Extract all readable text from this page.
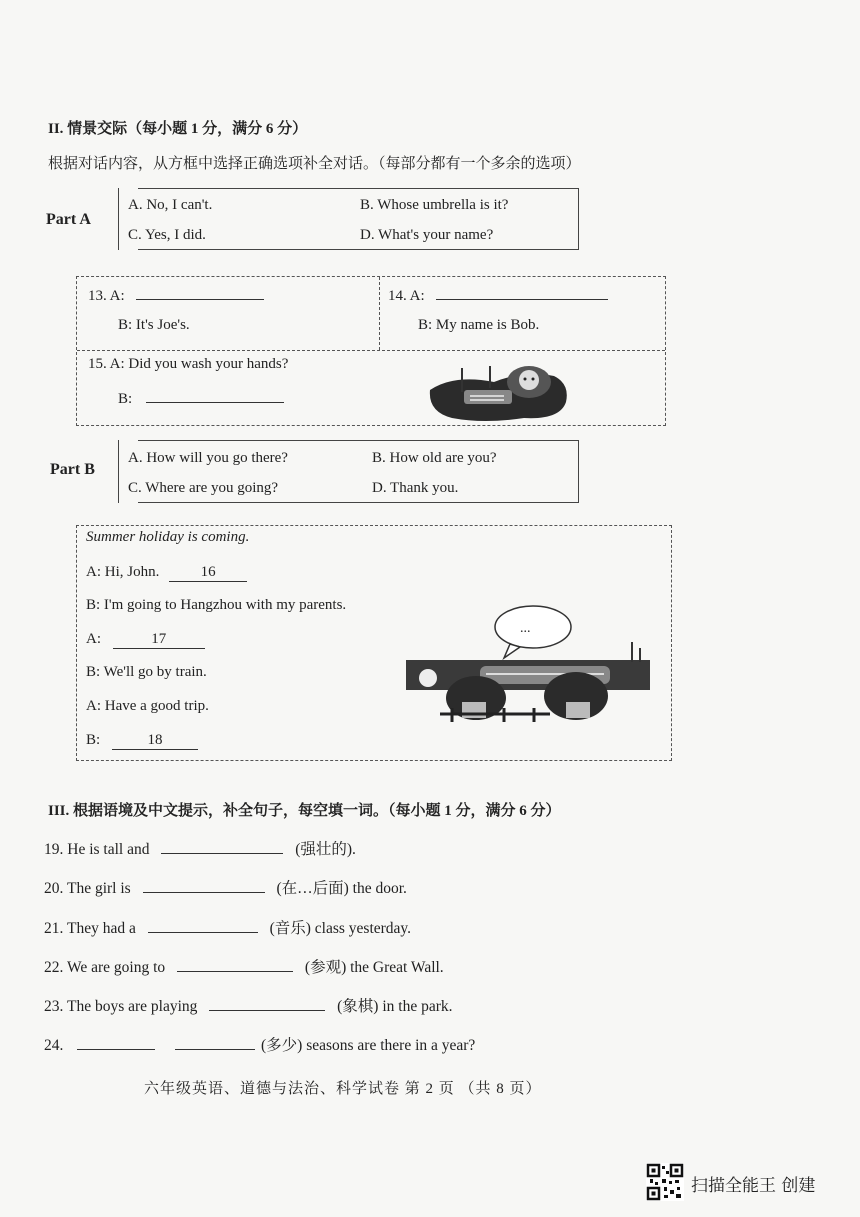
II. 情景交际（每小题 1 分，满分 6 分）
根据对话内容，从方框中选择正确选项补全对话。（每部分都有一个多余的选项）
Part A
A. No, I can't.	B. Whose umbrella is it?
C. Yes, I did.	D. What's your name?
13. A:
B: It's Joe's.
14. A:
B: My name is Bob.
15. A: Did you wash your hands?
B:
Part B
A. How will you go there?	B. How old are you?
C. Where are you going?	D. Thank you.
Summer holiday is coming.
A: Hi, John.	16
B: I'm going to Hangzhou with my parents.
A:	17
B: We'll go by train.
A: Have a good trip.
B:	18
...
III. 根据语境及中文提示，补全句子，每空填一词。（每小题 1 分，满分 6 分）
19. He is tall and	(强壮的).
20. The girl is	(在…后面) the door.
21. They had a	(音乐) class yesterday.
22. We are going to	(参观) the Great Wall.
23. The boys are playing	(象棋) in the park.
24.	(多少) seasons are there in a year?
六年级英语、道德与法治、科学试卷 第 2 页 （共 8 页）
扫描全能王 创建
